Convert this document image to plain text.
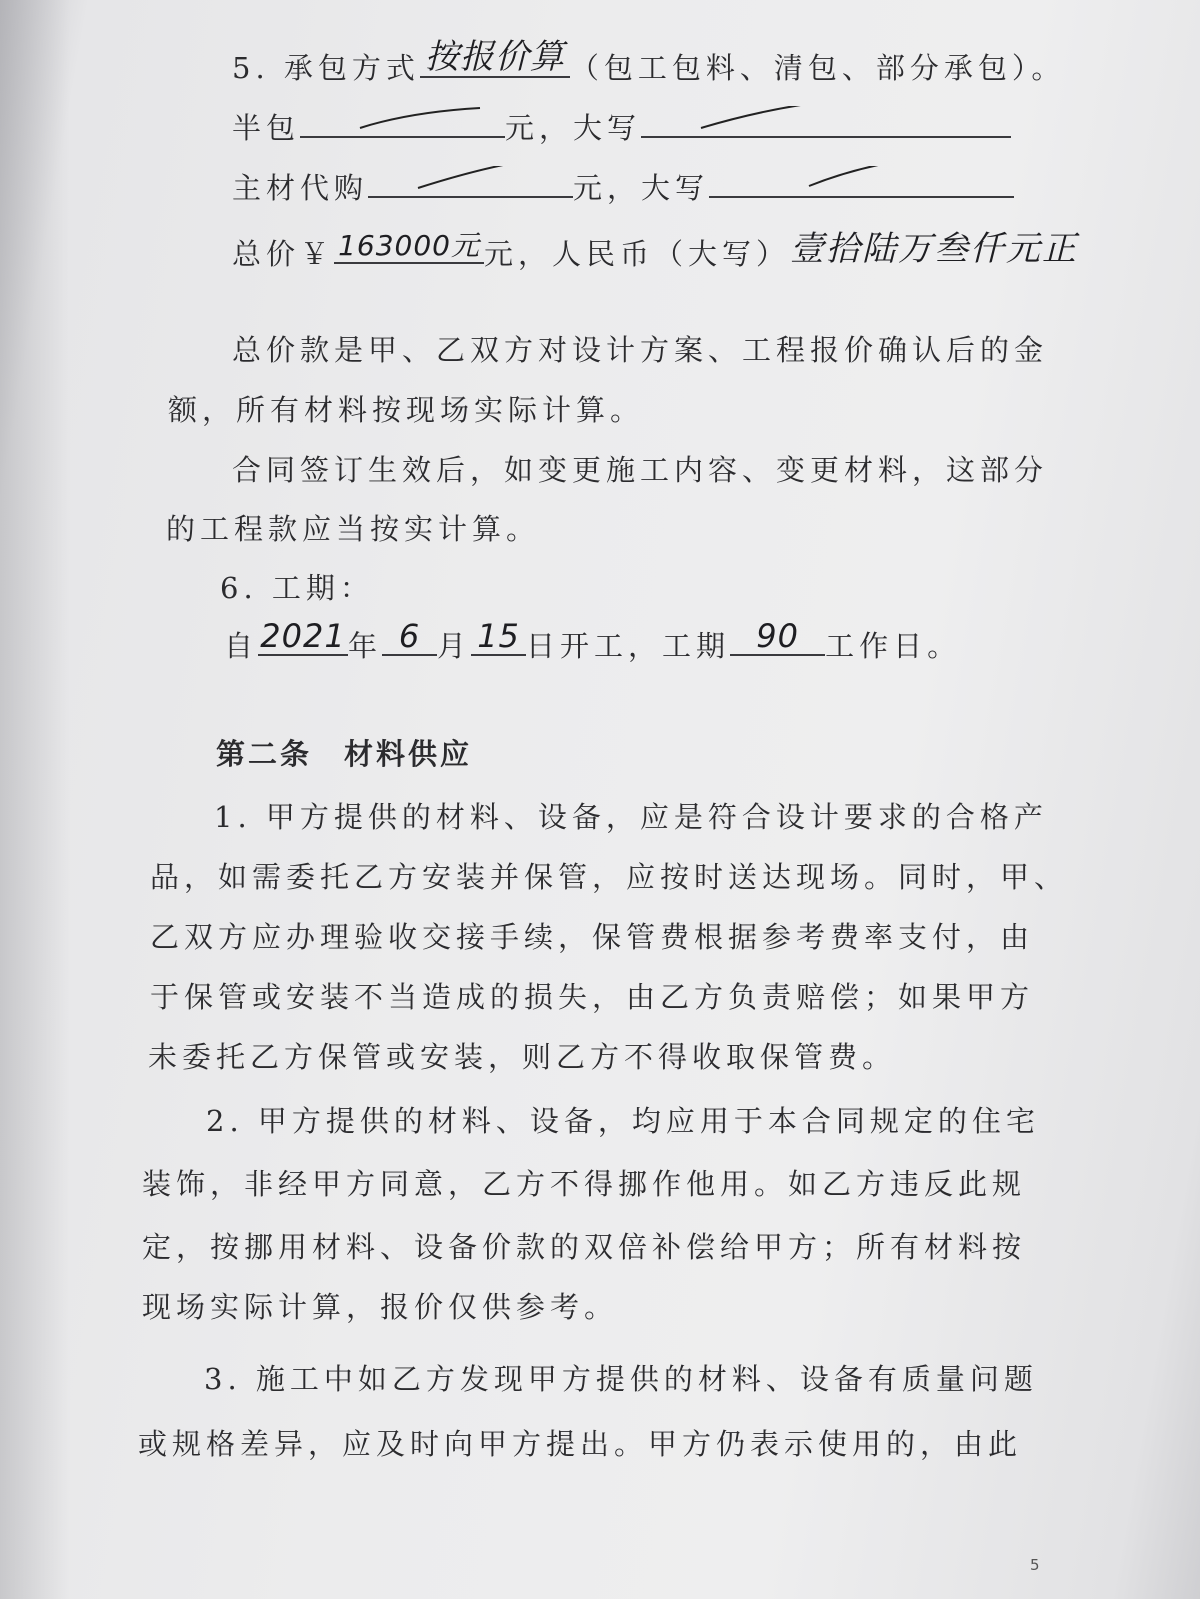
5. 承包方式 按报价算 （包工包料、清包、部分承包）。
半包	元，大写
主材代购	元，大写
总价￥ 163000元 元，人民币（大写）壹拾陆万叁仟元正
总价款是甲、乙双方对设计方案、工程报价确认后的金
额，所有材料按现场实际计算。
合同签订生效后，如变更施工内容、变更材料，这部分
的工程款应当按实计算。
6. 工期：
自 2021 年 6 月 15 日开工，工期 90 工作日。
第二条　材料供应
1. 甲方提供的材料、设备，应是符合设计要求的合格产
品，如需委托乙方安装并保管，应按时送达现场。同时，甲、
乙双方应办理验收交接手续，保管费根据参考费率支付，由
于保管或安装不当造成的损失，由乙方负责赔偿；如果甲方
未委托乙方保管或安装，则乙方不得收取保管费。
2. 甲方提供的材料、设备，均应用于本合同规定的住宅
装饰，非经甲方同意，乙方不得挪作他用。如乙方违反此规
定，按挪用材料、设备价款的双倍补偿给甲方；所有材料按
现场实际计算，报价仅供参考。
3. 施工中如乙方发现甲方提供的材料、设备有质量问题
或规格差异，应及时向甲方提出。甲方仍表示使用的，由此
5
